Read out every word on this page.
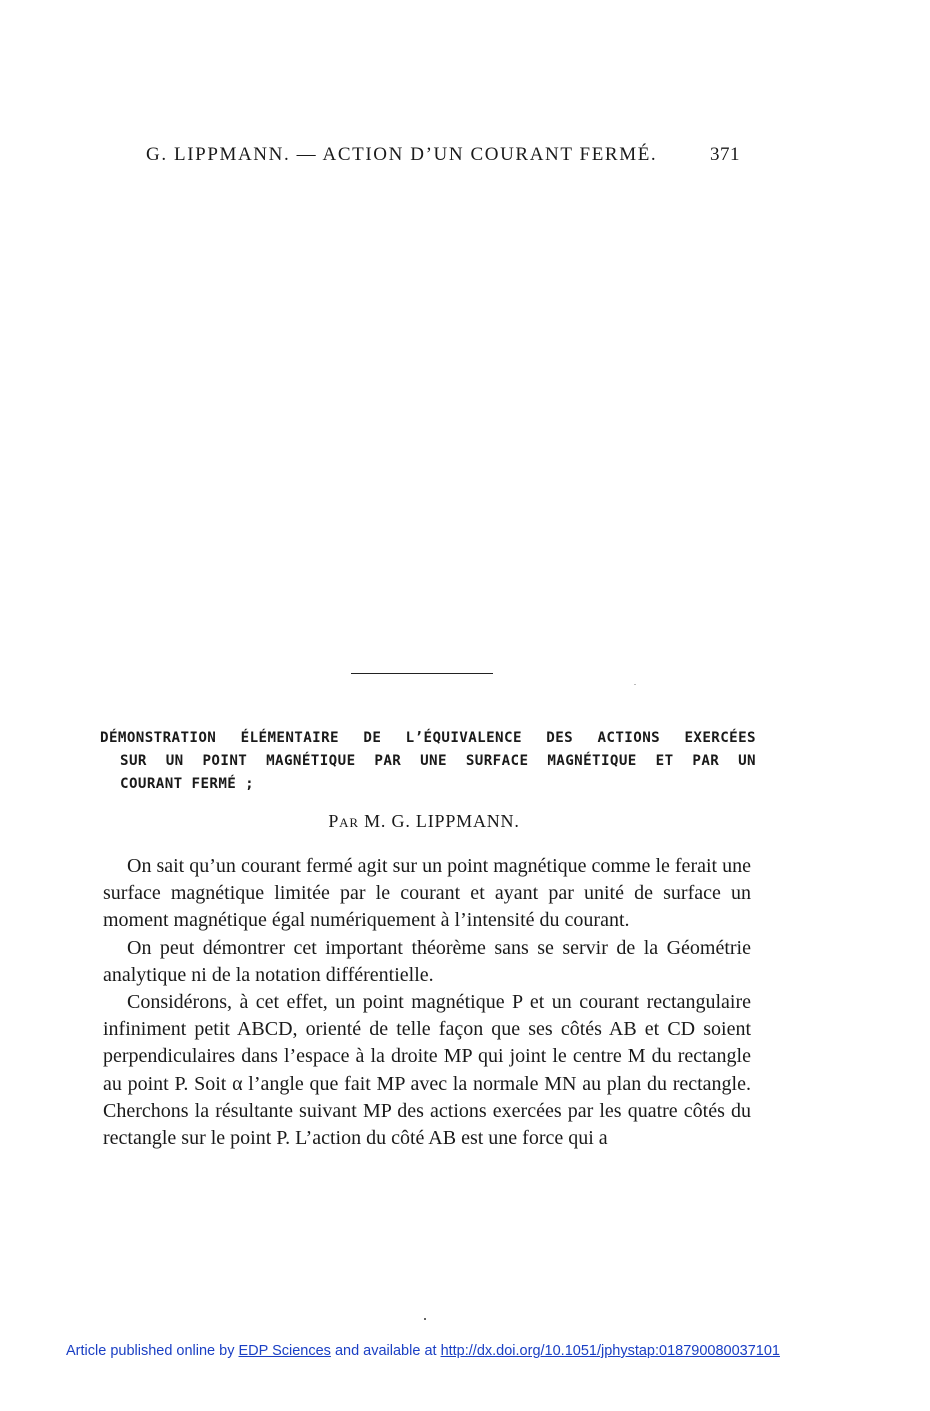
G. LIPPMANN. — ACTION D’UN COURANT FERMÉ.	371
DÉMONSTRATION ÉLÉMENTAIRE DE L’ÉQUIVALENCE DES ACTIONS EXERCÉES
SUR UN POINT MAGNÉTIQUE PAR UNE SURFACE MAGNÉTIQUE ET PAR UN
COURANT FERMÉ ;
Par M. G. LIPPMANN.

On sait qu’un courant fermé agit sur un point magnétique comme le ferait une surface magnétique limitée par le courant et ayant par unité de surface un moment magnétique égal numériquement à l’intensité du courant.

On peut démontrer cet important théorème sans se servir de la Géométrie analytique ni de la notation différentielle.

Considérons, à cet effet, un point magnétique P et un courant rectangulaire infiniment petit ABCD, orienté de telle façon que ses côtés AB et CD soient perpendiculaires dans l’espace à la droite MP qui joint le centre M du rectangle au point P. Soit α l’angle que fait MP avec la normale MN au plan du rectangle. Cherchons la résultante suivant MP des actions exercées par les quatre côtés du rectangle sur le point P. L’action du côté AB est une force qui a

Article published online by EDP Sciences and available at http://dx.doi.org/10.1051/jphystap:018790080037101
